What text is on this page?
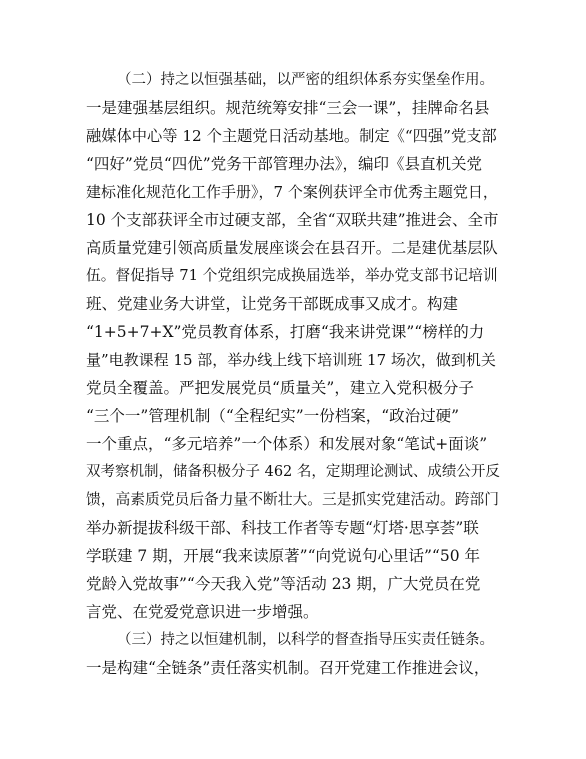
（二）持之以恒强基础，以严密的组织体系夯实堡垒作用。
一是建强基层组织。规范统筹安排“三会一课”，挂牌命名县
融媒体中心等 12 个主题党日活动基地。制定《“四强”党支部
“四好”党员“四优”党务干部管理办法》，编印《县直机关党
建标准化规范化工作手册》，7 个案例获评全市优秀主题党日，
10 个支部获评全市过硬支部，全省“双联共建”推进会、全市
高质量党建引领高质量发展座谈会在县召开。二是建优基层队
伍。督促指导 71 个党组织完成换届选举，举办党支部书记培训
班、党建业务大讲堂，让党务干部既成事又成才。构建
“1+5+7+X”党员教育体系，打磨“我来讲党课”“榜样的力
量”电教课程 15 部，举办线上线下培训班 17 场次，做到机关
党员全覆盖。严把发展党员“质量关”，建立入党积极分子
“三个一”管理机制（“全程纪实”一份档案，“政治过硬”
一个重点，“多元培养”一个体系）和发展对象“笔试+面谈”
双考察机制，储备积极分子 462 名，定期理论测试、成绩公开反
馈，高素质党员后备力量不断壮大。三是抓实党建活动。跨部门
举办新提拔科级干部、科技工作者等专题“灯塔·思享荟”联
学联建 7 期，开展“我来读原著”“向党说句心里话”“50 年
党龄入党故事”“今天我入党”等活动 23 期，广大党员在党
言党、在党爱党意识进一步增强。
（三）持之以恒建机制，以科学的督查指导压实责任链条。
一是构建“全链条”责任落实机制。召开党建工作推进会议，
